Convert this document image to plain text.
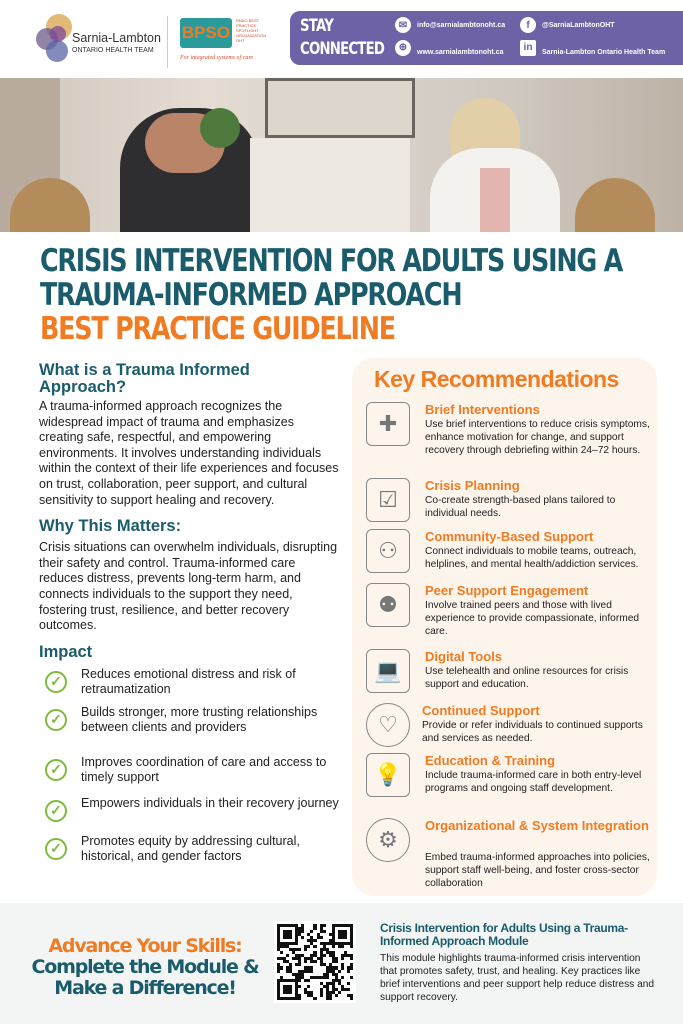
Sarnia-Lambton
ONTARIO HEALTH TEAM
BPSO
RNAO BEST PRACTICE SPOTLIGHT ORGANIZATION OHT
For integrated systems of care
STAY
CONNECTED
✉	info@sarnialambtonoht.ca
⊕	www.sarnialambtonoht.ca
f	@SarniaLambtonOHT
in	Sarnia-Lambton Ontario Health Team
CRISIS INTERVENTION FOR ADULTS USING A
TRAUMA-INFORMED APPROACH
BEST PRACTICE GUIDELINE
What is a Trauma Informed Approach?

A trauma-informed approach recognizes the widespread impact of trauma and emphasizes creating safe, respectful, and empowering environments. It involves understanding individuals within the context of their life experiences and focuses on trust, collaboration, peer support, and cultural sensitivity to support healing and recovery.

Why This Matters:

Crisis situations can overwhelm individuals, disrupting their safety and control. Trauma-informed care reduces distress, prevents long-term harm, and connects individuals to the support they need, fostering trust, resilience, and better recovery outcomes.

Impact
✓	Reduces emotional distress and risk of retraumatization
✓	Builds stronger, more trusting relationships between clients and providers
✓	Improves coordination of care and access to timely support
✓	Empowers individuals in their recovery journey
✓	Promotes equity by addressing cultural, historical, and gender factors
Key Recommendations
✚
Brief Interventions
Use brief interventions to reduce crisis symptoms, enhance motivation for change, and support recovery through debriefing within 24–72 hours.
☑
Crisis Planning
Co-create strength-based plans tailored to individual needs.
⚇
Community-Based Support
Connect individuals to mobile teams, outreach, helplines, and mental health/addiction services.
⚉
Peer Support Engagement
Involve trained peers and those with lived experience to provide compassionate, informed care.
💻
Digital Tools
Use telehealth and online resources for crisis support and education.
♡
Continued Support
Provide or refer individuals to continued supports and services as needed.
💡
Education & Training
Include trauma-informed care in both entry-level programs and ongoing staff development.
⚙
Organizational & System Integration
Embed trauma-informed approaches into policies, support staff well-being, and foster cross-sector collaboration
Advance Your Skills:
Complete the Module &
Make a Difference!
Crisis Intervention for Adults Using a Trauma-Informed Approach Module
This module highlights trauma-informed crisis intervention that promotes safety, trust, and healing. Key practices like brief interventions and peer support help reduce distress and support recovery.
